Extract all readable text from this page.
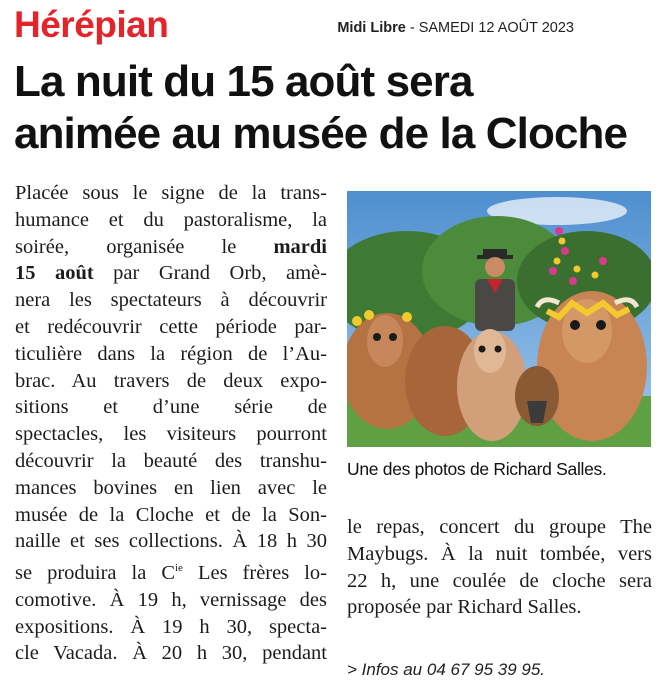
Hérépian	Midi Libre - SAMEDI 12 AOÛT 2023
La nuit du 15 août sera
animée au musée de la Cloche
Placée sous le signe de la trans-
humance et du pastoralisme, la
soirée, organisée le mardi
15 août par Grand Orb, amè-
nera les spectateurs à découvrir
et redécouvrir cette période par-
ticulière dans la région de l’Au-
brac. Au travers de deux expo-
sitions et d’une série de
spectacles, les visiteurs pourront
découvrir la beauté des transhu-
mances bovines en lien avec le
musée de la Cloche et de la Son-
naille et ses collections. À 18 h 30
se produira la $C^{ie}$ Les frères lo-
comotive. À 19 h, vernissage des
expositions. À 19 h 30, specta-
cle Vacada. À 20 h 30, pendant
Une des photos de Richard Salles.
le repas, concert du groupe The
Maybugs. À la nuit tombée, vers
22 h, une coulée de cloche sera
proposée par Richard Salles.
> Infos au 04 67 95 39 95.
